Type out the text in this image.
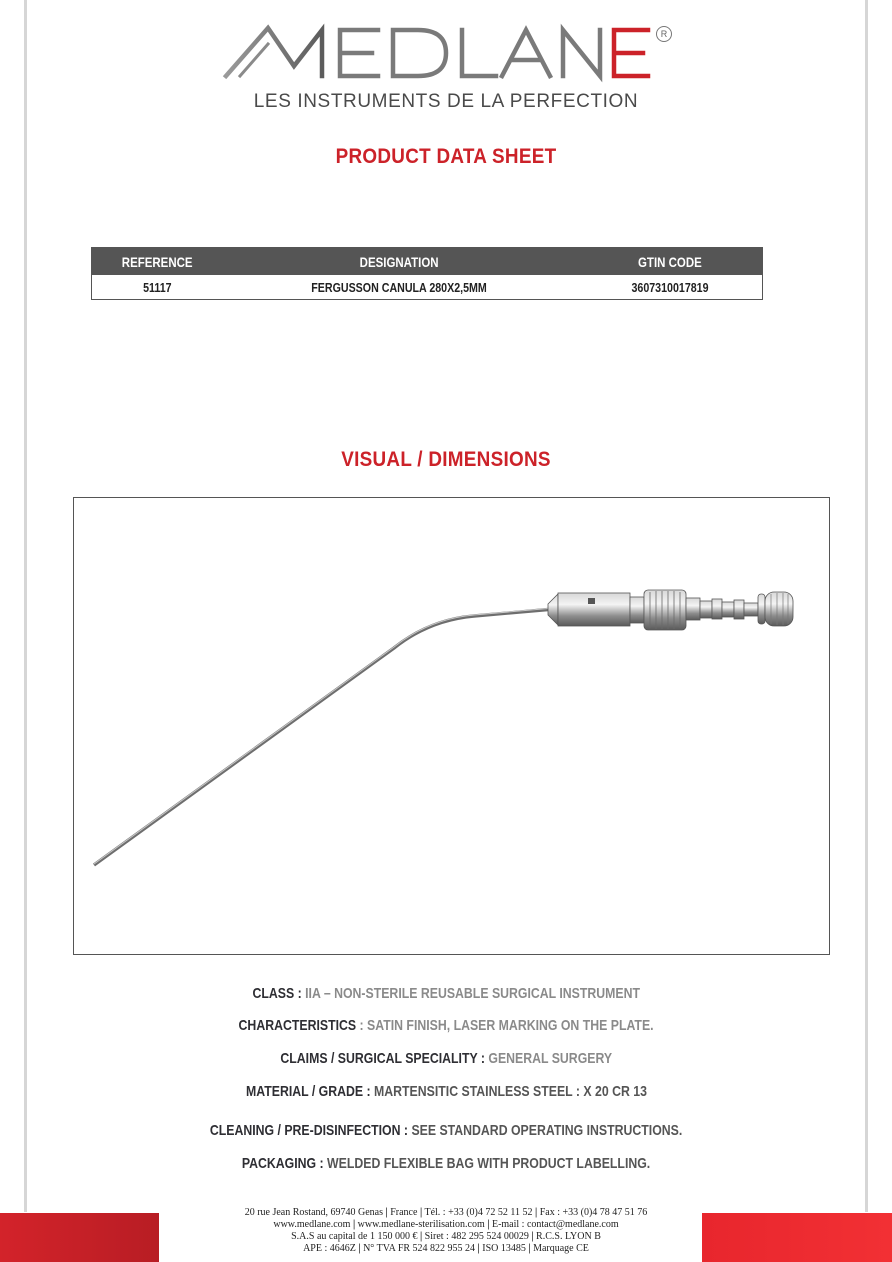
R
LES INSTRUMENTS DE LA PERFECTION
PRODUCT DATA SHEET
REFERENCE	DESIGNATION	GTIN CODE
51117	FERGUSSON CANULA 280X2,5MM	3607310017819
VISUAL / DIMENSIONS
CLASS : IIA – NON-STERILE REUSABLE SURGICAL INSTRUMENT
CHARACTERISTICS : SATIN FINISH, LASER MARKING ON THE PLATE.
CLAIMS / SURGICAL SPECIALITY : GENERAL SURGERY
MATERIAL / GRADE : MARTENSITIC STAINLESS STEEL : X 20 CR 13
CLEANING / PRE-DISINFECTION : SEE STANDARD OPERATING INSTRUCTIONS.
PACKAGING : WELDED FLEXIBLE BAG WITH PRODUCT LABELLING.
20 rue Jean Rostand, 69740 Genas | France | Tél. : +33 (0)4 72 52 11 52 | Fax : +33 (0)4 78 47 51 76
www.medlane.com | www.medlane-sterilisation.com | E-mail : contact@medlane.com
S.A.S au capital de 1 150 000 € | Siret : 482 295 524 00029 | R.C.S. LYON B
APE : 4646Z | N° TVA FR 524 822 955 24 | ISO 13485 | Marquage CE
